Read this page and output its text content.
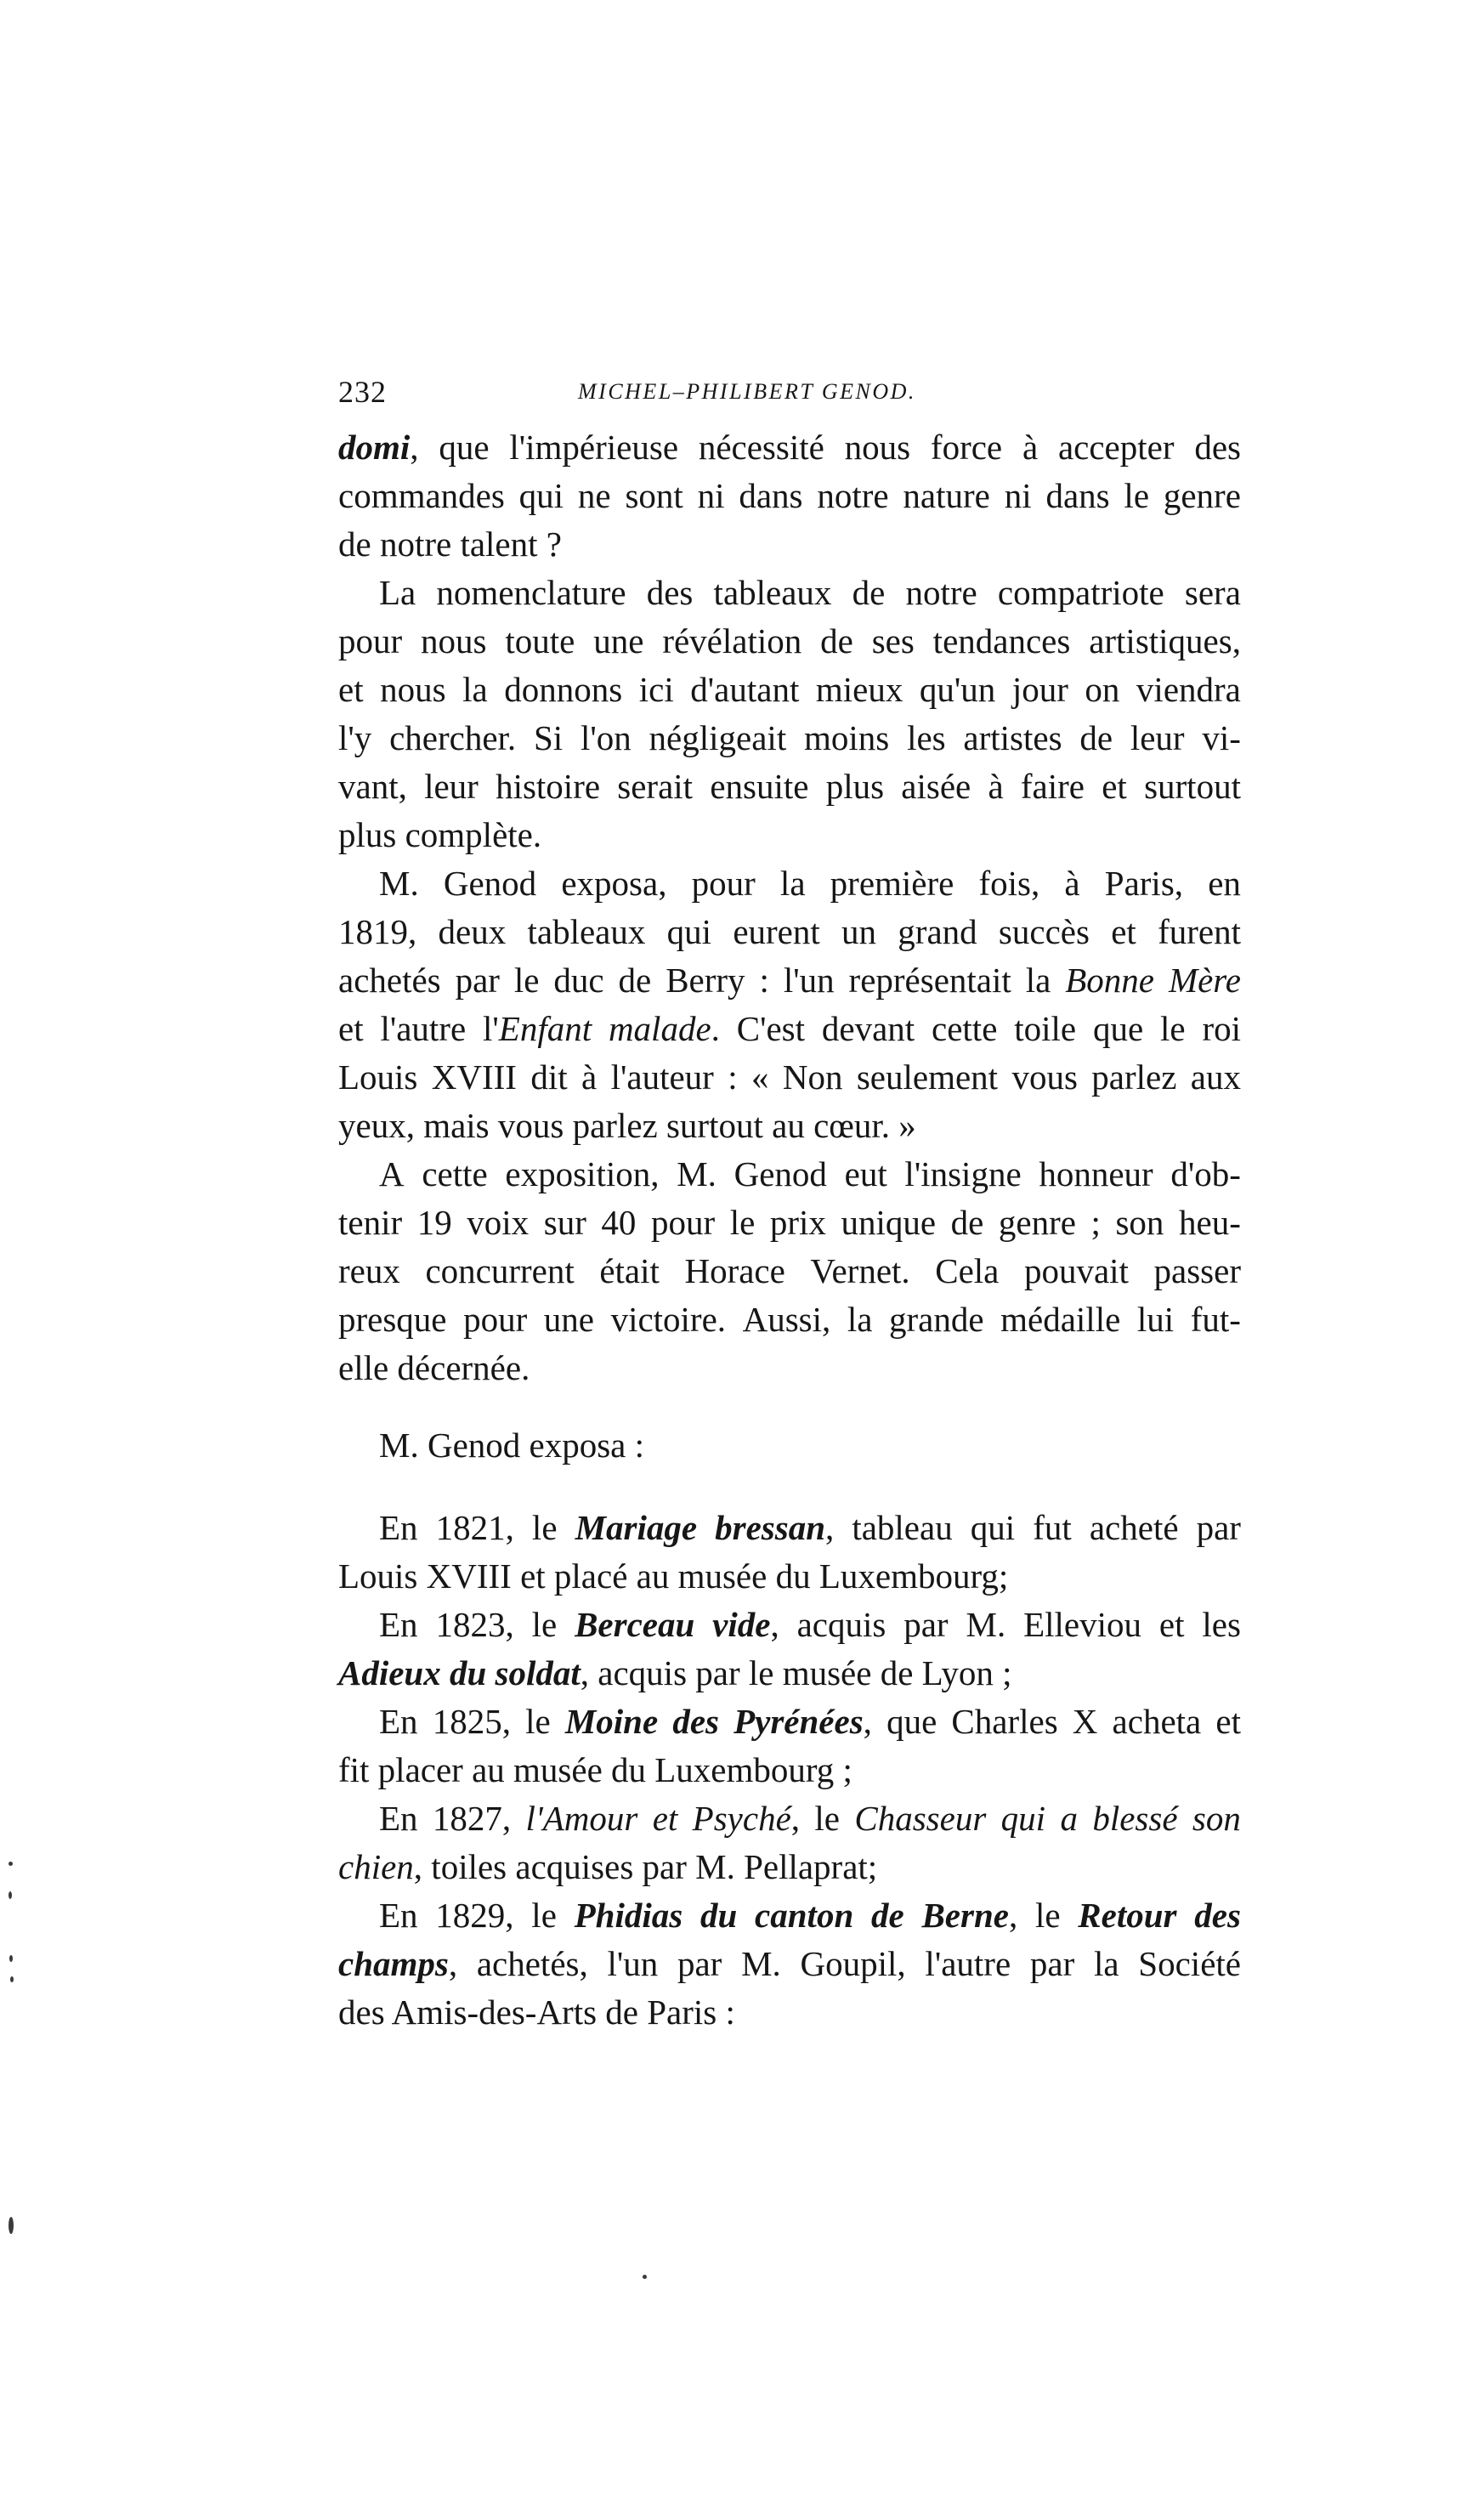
232	MICHEL–PHILIBERT GENOD.
domi, que l'impérieuse nécessité nous force à accepter des
commandes qui ne sont ni dans notre nature ni dans le genre
de notre talent ?
La nomenclature des tableaux de notre compatriote sera
pour nous toute une révélation de ses tendances artistiques,
et nous la donnons ici d'autant mieux qu'un jour on viendra
l'y chercher. Si l'on négligeait moins les artistes de leur vi-
vant, leur histoire serait ensuite plus aisée à faire et surtout
plus complète.
M. Genod exposa, pour la première fois, à Paris, en
1819, deux tableaux qui eurent un grand succès et furent
achetés par le duc de Berry : l'un représentait la Bonne Mère
et l'autre l'Enfant malade. C'est devant cette toile que le roi
Louis XVIII dit à l'auteur : « Non seulement vous parlez aux
yeux, mais vous parlez surtout au cœur. »
A cette exposition, M. Genod eut l'insigne honneur d'ob-
tenir 19 voix sur 40 pour le prix unique de genre ; son heu-
reux concurrent était Horace Vernet. Cela pouvait passer
presque pour une victoire. Aussi, la grande médaille lui fut-
elle décernée.
M. Genod exposa :
En 1821, le Mariage bressan, tableau qui fut acheté par
Louis XVIII et placé au musée du Luxembourg;
En 1823, le Berceau vide, acquis par M. Elleviou et les
Adieux du soldat , acquis par le musée de Lyon ;
En 1825, le Moine des Pyrénées, que Charles X acheta et
fit placer au musée du Luxembourg ;
En 1827, l'Amour et Psyché, le Chasseur qui a blessé son
chien , toiles acquises par M. Pellaprat;
En 1829, le Phidias du canton de Berne, le Retour des
champs, achetés, l'un par M. Goupil, l'autre par la Société
des Amis-des-Arts de Paris :
